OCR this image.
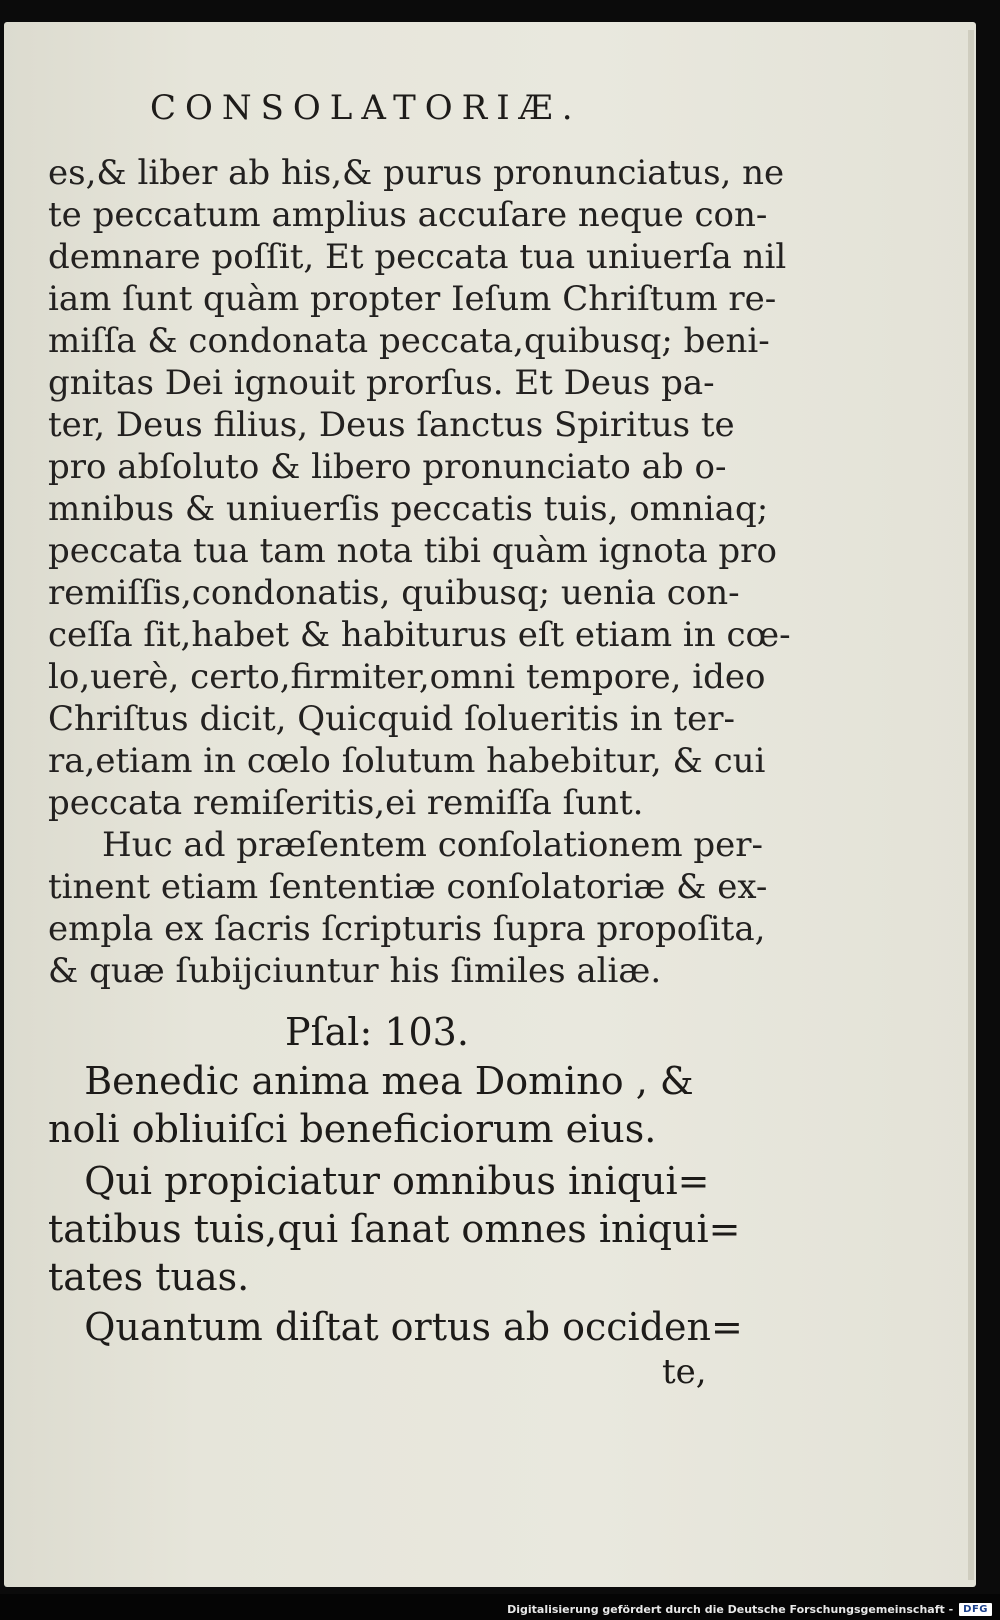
CONSOLATORIÆ.
es,& liber ab his,& purus pronunciatus, ne
te peccatum amplius accuſare neque con-
demnare poſſit, Et peccata tua uniuerſa nil
iam ſunt quàm propter Ieſum Chriſtum re-
miſſa & condonata peccata,quibusq; beni-
gnitas Dei ignouit prorſus. Et Deus pa-
ter, Deus filius, Deus ſanctus Spiritus te
pro abſoluto & libero pronunciato ab o-
mnibus & uniuerſis peccatis tuis, omniaq;
peccata tua tam nota tibi quàm ignota pro
remiſſis,condonatis, quibusq; uenia con-
ceſſa ſit,habet & habiturus eſt etiam in cœ-
lo,uerè, certo,firmiter,omni tempore, ideo
Chriſtus dicit, Quicquid ſolueritis in ter-
ra,etiam in cœlo ſolutum habebitur, & cui
peccata remiſeritis,ei remiſſa ſunt.
Huc ad præſentem conſolationem per-
tinent etiam ſententiæ conſolatoriæ & ex-
empla ex ſacris ſcripturis ſupra propoſita,
& quæ ſubijciuntur his ſimiles aliæ.
Pſal: 103.
Benedic anima mea Domino , &
noli obliuiſci beneficiorum eius.
Qui propiciatur omnibus iniqui=
tatibus tuis,qui ſanat omnes iniqui=
tates tuas.
Quantum diſtat ortus ab occiden=
te,
Digitalisierung gefördert durch die Deutsche Forschungsgemeinschaft -	DFG
